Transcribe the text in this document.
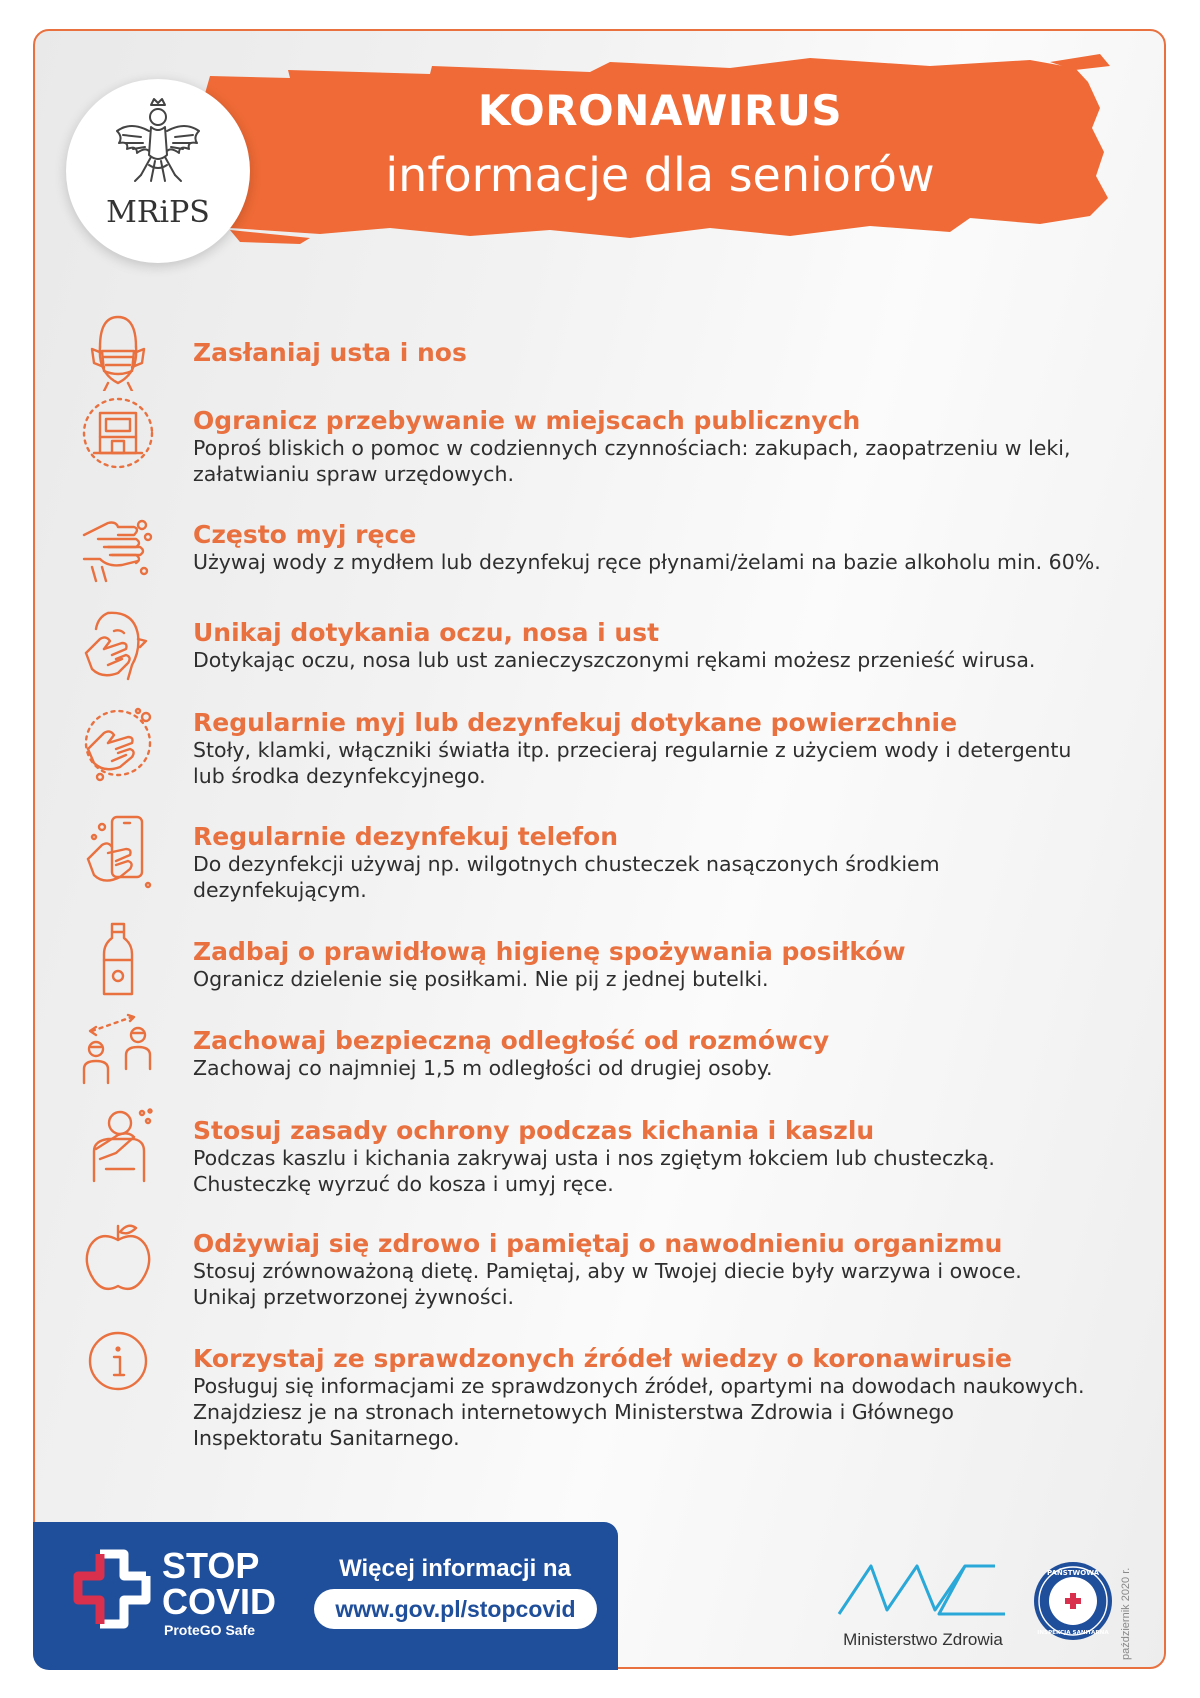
KORONAWIRUS
informacje dla seniorów
MRiPS
Zasłaniaj usta i nos
Ogranicz przebywanie w miejscach publicznych
Poproś bliskich o pomoc w codziennych czynnościach: zakupach, zaopatrzeniu w leki,
załatwianiu spraw urzędowych.
Często myj ręce
Używaj wody z mydłem lub dezynfekuj ręce płynami/żelami na bazie alkoholu min. 60%.
Unikaj dotykania oczu, nosa i ust
Dotykając oczu, nosa lub ust zanieczyszczonymi rękami możesz przenieść wirusa.
Regularnie myj lub dezynfekuj dotykane powierzchnie
Stoły, klamki, włączniki światła itp. przecieraj regularnie z użyciem wody i detergentu
lub środka dezynfekcyjnego.
Regularnie dezynfekuj telefon
Do dezynfekcji używaj np. wilgotnych chusteczek nasączonych środkiem
dezynfekującym.
Zadbaj o prawidłową higienę spożywania posiłków
Ogranicz dzielenie się posiłkami. Nie pij z jednej butelki.
Zachowaj bezpieczną odległość od rozmówcy
Zachowaj co najmniej 1,5 m odległości od drugiej osoby.
Stosuj zasady ochrony podczas kichania i kaszlu
Podczas kaszlu i kichania zakrywaj usta i nos zgiętym łokciem lub chusteczką.
Chusteczkę wyrzuć do kosza i umyj ręce.
Odżywiaj się zdrowo i pamiętaj o nawodnieniu organizmu
Stosuj zrównoważoną dietę. Pamiętaj, aby w Twojej diecie były warzywa i owoce.
Unikaj przetworzonej żywności.
Korzystaj ze sprawdzonych źródeł wiedzy o koronawirusie
Posługuj się informacjami ze sprawdzonych źródeł, opartymi na dowodach naukowych.
Znajdziesz je na stronach internetowych Ministerstwa Zdrowia i Głównego
Inspektoratu Sanitarnego.
STOP
COVID
ProteGO Safe
Więcej informacji na
www.gov.pl/stopcovid
Ministerstwo Zdrowia
PAŃSTWOWA
INSPEKCJA SANITARNA październik 2020 r.
